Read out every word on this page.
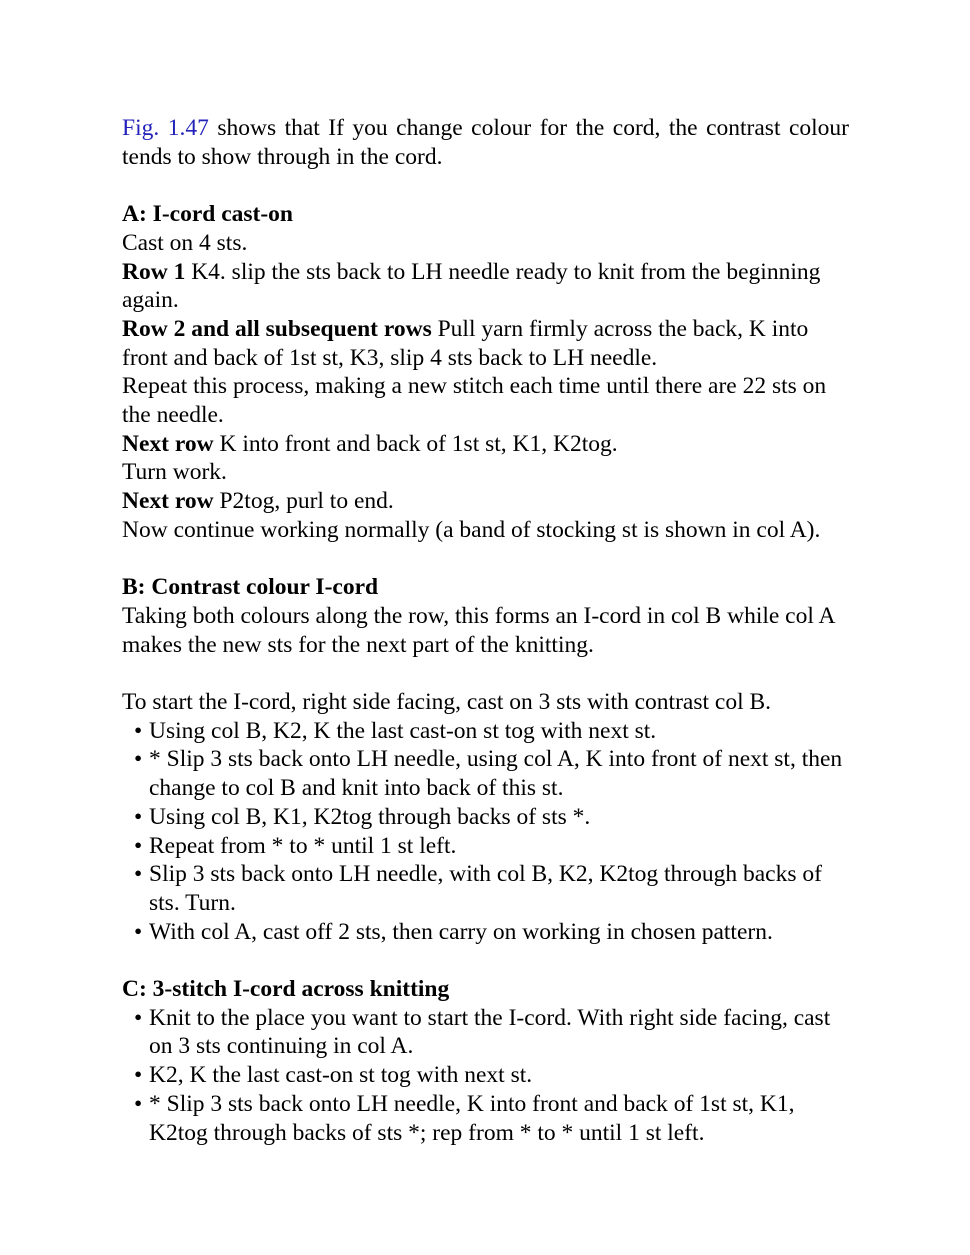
Fig. 1.47 shows that If you change colour for the cord, the contrast colour tends to show through in the cord.

A: I-cord cast-on

Cast on 4 sts.

Row 1 K4. slip the sts back to LH needle ready to knit from the beginning again.

Row 2 and all subsequent rows Pull yarn firmly across the back, K into front and back of 1st st, K3, slip 4 sts back to LH needle.

Repeat this process, making a new stitch each time until there are 22 sts on the needle.

Next row K into front and back of 1st st, K1, K2tog.

Turn work.

Next row P2tog, purl to end.

Now continue working normally (a band of stocking st is shown in col A).

B: Contrast colour I-cord

Taking both colours along the row, this forms an I-cord in col B while col A makes the new sts for the next part of the knitting.

To start the I-cord, right side facing, cast on 3 sts with contrast col B.

• Using col B, K2, K the last cast-on st tog with next st.
• * Slip 3 sts back onto LH needle, using col A, K into front of next st, then change to col B and knit into back of this st.
• Using col B, K1, K2tog through backs of sts *.
• Repeat from * to * until 1 st left.
• Slip 3 sts back onto LH needle, with col B, K2, K2tog through backs of sts. Turn.
• With col A, cast off 2 sts, then carry on working in chosen pattern.

C: 3-stitch I-cord across knitting

• Knit to the place you want to start the I-cord. With right side facing, cast on 3 sts continuing in col A.
• K2, K the last cast-on st tog with next st.
• * Slip 3 sts back onto LH needle, K into front and back of 1st st, K1, K2tog through backs of sts *; rep from * to * until 1 st left.
